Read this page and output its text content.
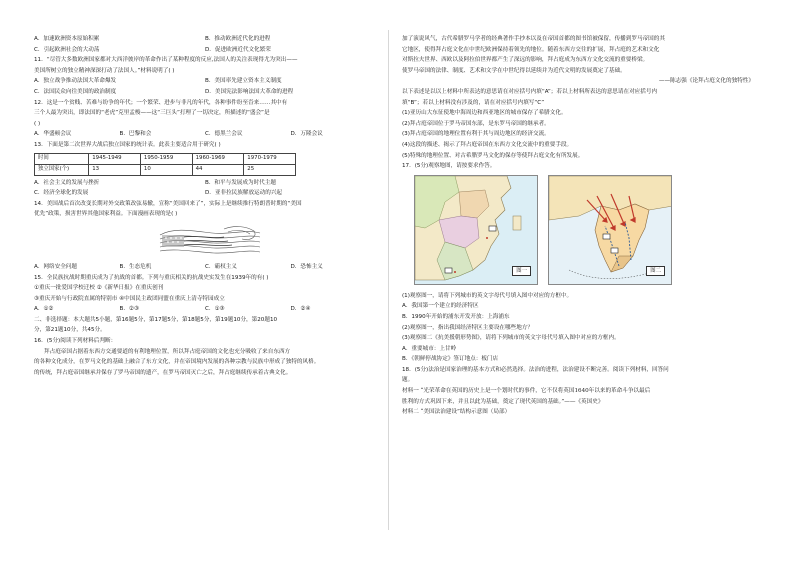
A．加速欧洲资本原始积累	B．推动欧洲近代化的进程
C．引起欧洲社会的大动荡	D．促进欧洲近代文化繁荣
11．“尽管大多数欧洲国家都对大西洋彼岸的革命作出了某种程度的反应,法国人的关注表现得尤为突出——
美国所树立的独立精神深深打动了法国人。”材料说明了( )
A．独立战争推动法国大革命爆发	B．美国率先建立资本主义制度
C．法国民众向往美国的政治制度	D．美国宪法影响法国大革命的进程
12．这是一个贫贱、苦难与纷争的年代；一个繁荣、进步与非凡的年代，各种事件纷至沓来……其中有
三个人最为突出，即法国的“老虎”克里孟梭——这“三巨头”打理了一切决定，所描述的“盛会”是
( )
A．华盛顿会议	B．巴黎和会	C．德黑兰会议	D．万隆会议
13．下面是第二次世界大战后独立国家的统计表。此表主要适合用于研究( )
时间	1945-1949	1950-1959	1960-1969	1970-1979
独立国家(个)	13	10	44	25
A．社会主义的发展与挫折	B．和平与发展成为时代主题
C．经济全球化的发展	D．亚非拉民族解放运动的兴起
14．美国战后首次改变长期对外交政策改弦易辙，宣称“美国回来了”，实际上是继续推行特朗普时期的“美国
优先”政策，损害世界其他国家利益。下面漫画表现的是( )
A．网络安全问题	B．生态危机	C．霸权主义	D．恐怖主义
15．全民族抗战时期重庆成为了抗战的首都。下列与重庆相关的抗战史实发生在1939年的有( )
①重庆一批爱国学校迁校 ②《新华日报》在重庆创刊
③重庆开始与行政院直属的特别市 ④中国民主政团同盟在重庆上清寺特园成立
A．①②	B．②③	C．①③	D．②④
二、非选择题：本大题共5小题，第16题5分，第17题5分，第18题5分，第19题10分，第20题10
分，第21题10分，共45分。
16．(5分)阅读下列材料后判断：
拜占庭帝国占据着东西方交通要道的有利地理位置，所以拜占庭帝国的文化也充分吸收了来自东西方
的各种文化成分，在罗马文化的基础上融合了东方文化，并在帝国境内发展的各种宗教与民族中形成了独特的风格。
的传统，拜占庭帝国继承并保存了罗马帝国的遗产，在罗马帝国灭亡之后，拜占庭继续传承着古典文化。
加了演说风气，古代希腊罗马学者的经典著作手抄本以及在帝国首都的图书馆被保留，传播到罗马帝国的其
它地区，使得拜占庭文化在中世纪欧洲保持着领先的地位。随着东西方交往的扩展，拜占庭的艺术和文化
对斯拉夫世界、西欧以及阿拉伯世界都产生了深远的影响，拜占庭成为东西方文化交流的重要桥梁。
使罗马帝国的法律、制度、艺术和文学在中世纪得以延续并为近代文明的发展奠定了基础。
——陈志强《论拜占庭文化的独特性》
以下表述是以以上材料中所表达的意思请在对应括号内填“A”；若以上材料所表达的意思请在对应括号内
填“B”；若以上材料没有涉及的，请在对应括号内填写“C”
(1)亚历山大东征使地中海周边和西亚地区的城市保存了希腊文化。
(2)拜占庭帝国位于罗马帝国东部，是东罗马帝国的继承者。
(3)拜占庭帝国的地理位置有利于其与周边地区的经济交流。
(4)这段的描述、揭示了拜占庭帝国在东西方文化交流中的重要手段。
(5)特殊的地理位置、对古希腊罗马文化的保存等使拜占庭文化有所发展。
17．(5分)观察地图，请按要求作答。
图一	图二
(1)观察图一，请将下列城市的英文字母代号填入图中对应的方框中。
A．我国第一个建立的经济特区
B．1990年开始的浦东开发开放：上海浦东
(2)观察图一，指出我国经济特区主要设在哪些地方？
(3)观察图二《抗美援朝形势图》，请将下列城市的英文字母代号填入图中对应的方框内。
A．重要城市：上甘岭
B．《朝鲜停战协定》签订地点：板门店
18．(5分)法治是国家治理的基本方式和必然选择。法治的进程，法治建设不断完善。阅读下列材料，回答问
题。
材料一 “光荣革命在英国的历史上是一个划时代的事件，它不仅将英国1640年以来的革命斗争以最后
胜利的方式巩固下来，并且以此为基础，奠定了现代英国的基础。”——《英国史》
材料二 “美国法治建设”结构示意图（局部）
